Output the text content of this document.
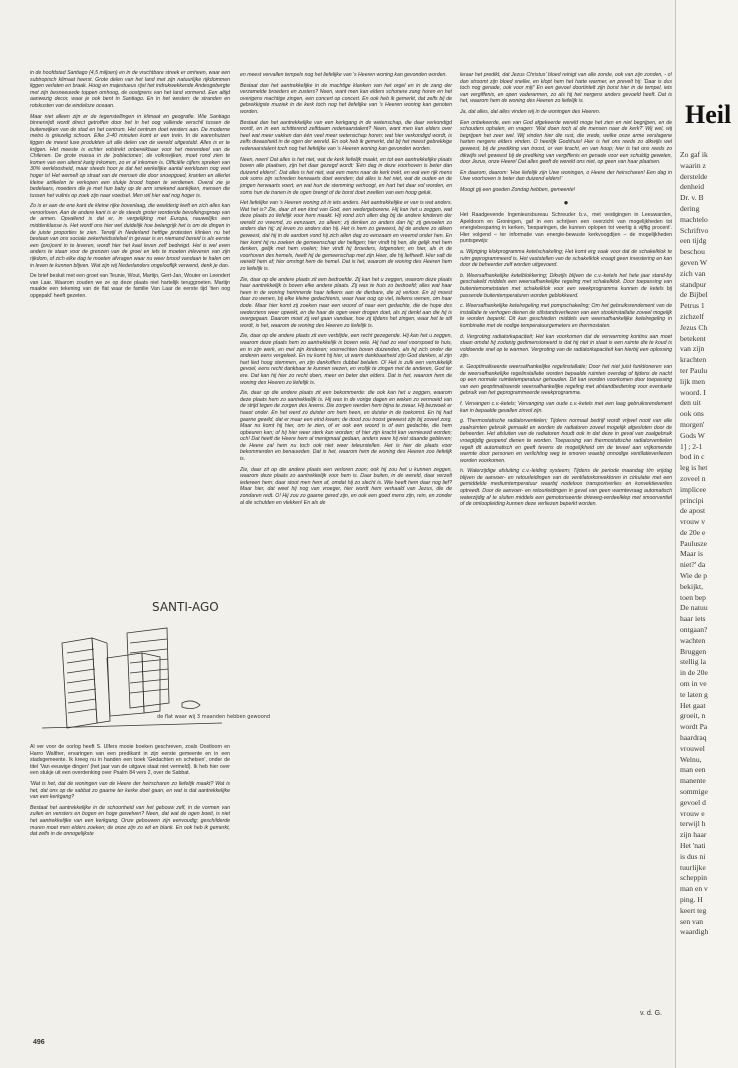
in de hoofdstad Santiago (4,5 miljoen) en in de vruchtbare streek er omheen, waar een subtropisch klimaat heerst. Grote delen van het land met zijn natuurlijke rijkdommen liggen verlaten en braak. Hoog en majestueus rijst het indrukwekkende Andesgebergte met zijn besneeuwde toppen omhoog, de oostgrens van het land vormend. Een altijd aanwezig decor, waar je ook bent in Santiago. En in het westen: de stranden en rotskusten van de eindeloze oceaan.

Maar niet alleen zijn er de tegenstellingen in klimaat en geografie. Wie Santiago binnenrijdt wordt direct getroffen door het in het oog vallende verschil tussen de buitenwijken van de stad en het centrum. Het centrum doet westers aan. De moderne metro is griezelig schoon. Elke 2-40 minuten komt er een trein. In de warenhuizen liggen de meest luxe produkten uit alle delen van de wereld uitgestald. Alles is er te krijgen. Het meeste is echter volstrekt onbereikbaar voor het merendeel van de Chilenen. De grote massa in de 'poblaciones', de volkswijken, moet rond zien te komen van een uiterst karig inkomen, zo er al inkomen is. Officiële cijfers spreken van 30% werkloosheid, maar steeds hoor je dat het werkelijke aantal werklozen nog veel hoger is! Het wemelt op straat van de mensen die door snoepgoed, kranten en allerlei kleine artikelen te verkopen een stukje brood hopen te verdienen. Overal zie je bedelaars, moeders die je met hun baby op de arm smekend aankijken, mensen die tussen het vuilnis op zoek zijn naar voedsel. Men wil hier wat nog hoger is.

Zo is er aan de ene kant de kleine rijke bovenlaag, die weelderig leeft en zich alles kan veroorloven. Aan de andere kant is er de steeds groter wordende bevolkingsgroep van de armen. Opvallend is dat er, in vergelijking met Europa, nauwelijks een middenklasse is. Het wordt ons hier wel duidelijk hoe belangrijk het is om de dingen in de juiste proporties te zien. Terwijl in Nederland heftige protesten klinken nu het bestaan van ons sociale zekerheidsstelsel in gevaar is en niemand bereid is als eerste een (pro)cent in te leveren, wordt hier het kaal leven zelf bedreigd. Het is wel even anders te staan voor de grenzen van de groei en iets te moeten inleveren van zijn rijkdom, of zich elke dag te moeten afvragen waar nu weer brood vandaan te halen om in leven te kunnen blijven. Wat zijn wij Nederlanders ongelooflijk verwend, denk je dan.

De brief besluit met een groet van Teunie, Wout, Martijn, Gert-Jan, Wouter en Leendert van Laar. Waarom zouden we ze op deze plaats niet hartelijk teruggroeten. Martijn maakte een tekening van de flat waar de familie Van Laar de eerste tijd 'tien oog opgepakt' heeft gezeten.

SANTI-AGO
de flat waar wij 3 maanden hebben gewoond

Al ver voor de oorlog heeft S. Ulfers mooie boeken geschreven, zoals Oostloorn en Harro Walther, ervaringen van een predikant in zijn eerste gemeente en in een stadsgemeente. Ik kreeg nu in handen een boek 'Gedachten en schetsen', onder de titel 'Van eeuwige dingen' (het jaar van de uitgave staat niet vermeld). Ik heb hier over een stukje uit een overdenking over Psalm 84 vers 2, over de Sabbat.

'Wat is het, dat de woningen van de Heere der heirscharen zo liefelijk maakt? Wat is het, dat ons op de sabbat zo gaarne ter kerke doet gaan, en wat is dat aantrekkelijke van een kerkgang?

Bestaat het aantrekkelijke in de schoonheid van het gebouw zelf, in de vormen van zuilen en vensters en bogen en hoge gewelven? Neen, dat wat de ogen boeit, is niet het aantrekkelijke van een kerkgang. Onze gebouwen zijn eenvoudig; geschilderde muren moet men elders zoeken; de onze zijn zo wit en blank. En ook heb ik gemerkt, dat zelfs in de onnogelijkste

en meest vervallen tempels nog het liefelijke van 's Heeren woning kan gevonden worden.

Bestaat dan het aantrekkelijke in de machtige klanken van het orgel en in de zang der verzamelde broeders en zusters? Neen, want men kan elders schonere zang horen en het overigens machtige zingen, een concert op concert. En ook heb ik gemerkt, dat zelfs bij de gebrekkigste muziek in de kerk toch nog het liefelijke van 's Heeren woning kan genoten worden.

Bestaat dan het aantrekkelijke van een kerkgang in de wetenschap, die daar verkondigd wordt, en in een schitterend zelfdaam redenaarstalent? Neen, want men kan elders over heel wat meer vakken dan één veel meer wetenschap horen; wat hier verkondigd wordt, is zelfs dwaasheid in de ogen der wereld. En ook heb ik gemerkt, dat bij het meest gebrekkige redenaarstalent toch nog het liefelijke van 's Heeren woning kan gevonden worden.

Neen, neen! Dat alles is het niet, wat de kerk liefelijk maakt, en tot een aantrekkelijke plaats boven alle plaatsen, zijn het daar gezegd wordt: 'Eén dag in deze voorhoven is beter dan duizend elders!'. Dat alles is het niet, wat een mens naar de kerk trekt, en wat een rijk mens ook soms zijn schreden herwaarts doet wenden; dat alles is het niet, wat de ouden en de jongen herwaarts voert, en wat hun de stemming verhoogt, en hart het daar vol worden, en soms hun de tranen in de ogen brengt of de borst doet zwellen van een hoog geluk.

Het liefelijke van 's Heeren woning zit in iets anders. Het aantrekkelijke er van is wat anders. Wat het is? Zie, daar zit een kind van God, een wedergeborene. Hij kan het u zeggen, wat deze plaats zo liefelijk voor hem maakt. Hij vond zich allen dag bij de andere kinderen der wereld zo vreemd, zo eenzaam, zo alleen; zij denken zo anders dan hij; zij gevoelen zo anders dan hij; zij leven zo anders dan hij. Het is hem zo geweest, bij de andere zo alleen geweest, dat hij in de aardom vond hij zich allen dag zo eenzaam en vreemd onder hen. En hier komt hij nu zoeken de gemeenschap der heiligen; hier vindt hij hen, die gelijk met hem denken, gelijk met hem voelen; hier vindt hij broeders, lotgenoten; en hier, als in de voorhoven des hemels, heeft hij de gemeenschap met zijn Heer, die hij liefheeft. Hier valt de wereld hem af; hier omringt hem de hemel. Dat is het, waarom de woning des Heeren hem zo liefelijk is.

Zie, daar op die andere plaats zit een bedroefde. Zij kan het u zeggen, waarom deze plaats haar aantrekkelijk is boven elke andere plaats. Zij was te huis zo bedroefd; alles wat haar heen in de woning herinnerde haar telkens aan de dierbare, die zij verloor. En zij moest daar zo wenen, bij elke kleine gedachtenis, waar haar oog op viel, telkens wenen, om haar dode. Maar hier komt zij zoeken naar een woord of naar een gedachte, die de hope des wederziens weer opwekt, en die haar de ogen weer drogen doet, als zij denkt aan die hij is overgegaan. Daarom moet zij wel gaan vandaar, hoe zij tijdens het zingen, waar het te stil wordt, is het, waarom de woning des Heeren zo liefelijk is.

Zie, daar op die andere plaats zit een verblijde, een recht gezegende. Hij kan het u zeggen, waarom deze plaats hem zo aantrekkelijk is boven vele. Hij had zo veel voorspoed te huis, en in zijn werk, en met zijn kinderen; voorrechten boven duizenden, als hij zich onder die anderen eens vergeleek. En nu komt hij hier, ut warm dankbaarheid zijn God danken, al zijn hart lied hoog stemmen, en zijn dankoffers dubbel betalen. O! Het is zulk een verrukkelijk gevoel, eens recht dankbaar te kunnen wezen, en vrolijk te zingen met de anderen, God ter ere. Dat kan hij hier zo recht doen, meer en beter dan elders. Dat is het, waarom hem de woning des Heeren zo liefelijk is.

Zie, daar op die andere plaats zit een bekommerde: die ook kan het u zeggen, waarom deze plaats hem zo aantrekkelijk is. Hij was in de vorige dagen en weken zo vermoeid van de strijd tegen de zorgen des levens. Die zorgen werden hem bijna te zwaar. Hij bezwoek er haast onder. En het werd zo duister om hem heen, en duister in de toekomst. En hij had gaarne gewild, dat er maar een eind kwam; de dood zou troost geweest zijn bij zoveel zorg. Maar nu komt hij hier, om te zien, of er ook een woord is of een gedachte, die hem opbeuren kan; of hij hier weer sterk kan worden; of hier zijn kracht kan vernieuwd worden; och! Dat heeft de Heere hem al menigmaal gedaan, anders ware hij niet staande gebleven; de Heere zal hem nu toch ook niet weer teleurstellen. Het is hier de plaats voor bekommerden en benauwden. Dat is het, waarom hem de woning des Heeren zoo liefelijk is.

Zie, daar zit op die andere plaats een verloren zoon; ook hij zou het u kunnen zeggen, waarom deze plaats zo aantrekkelijk voor hem is. Daar buiten, in de wereld, daar verzelt iedereen hem; daar stoot men hem af, omdat hij zo slecht is. Wie heeft hem daar nog lief? Maar hier, dat weet hij nog van vroeger, hier wordt hem verhaald van Jezus, die de zondaren redt. O! Hij zou zo gaarne gered zijn, en ook een goed mens zijn, rein, en zonder al die schulden en vlekken! En als de

leraar het predikt, dat Jezus Christus' bloed reinigt van alle zonde, ook van zijn zonden, - o! dan stroomt zijn bloed sneller, en klopt hem het harte warmer, en prevelt hij: 'Daar is dus toch nog genade, ook voor mij!' En een gevoel doortintelt zijn borst hier in de tempel, iets van vergiffenis, en open vaderarmen, zo als hij het nergens anders gevoeld heeft. Dat is het, waarom hem de woning des Heeren zo liefelijk is.

Ja, dat alles, dat alles vinden wij in de woningen des Heeren.

Een onbekeerde, een van God afgekeerde wereld moge het zien en niet begrijpen, en de schouders ophalen, en vragen: 'Wat doen toch al die mensen naar de kerk?' Wij wel, wij begrijpen het zeer wel. Wij vinden hier die rust, die vrede, welke onze arme verslagene harten nergens elders vinden. O heerlijk Godshuis! Hier is het ons reeds zo dikwijls wel geweest, bij de prediking van troost, or van kracht, en van hoop; hier is het ons reeds zo dikwijls wel geweest bij de prediking van vergiffenis en genade voor een schuldig geweten, door Jezus, onze Heere! Dat alles geeft de wereld ons niet, op geen van haar plaatsen.

En daarom, daarom: 'Hoe liefelijk zijn Uwe woningen, o Heere der heirscharen! Een dag in Uwe voorhoven is beter dan duizend elders!'

Moogt gij een goeden Zondag hebben, gemeente!

●

Het Raadgevende Ingenieursbureau Schreuder b.v., met vestigingen in Leeuwarden, Apeldoorn en Groningen, gaf in een schrijven een overzicht van mogelijkheden tot energiebesparing in kerken, 'besparingen, die kunnen oplopen tot veertig à vijftig procent'. Hier volgend – ter informatie van energie-bewuste kerkvoogdijen – de mogelijkheden puntsgewijs:

a. Wijziging klokprogramma ketelschakeling; Het komt erg vaak voor dat de schakelklok te ruim geprogrammeerd is. Het vaststellen van de schakelklok vraagt geen investering en kan door de beheerder zelf worden uitgevoerd.

b. Weersafhankelijke ketelblokkering; Dikwijls blijven de c.v.-ketels het hele jaar stand-by geschakeld middels een weersafhankelijke regeling met schakelklok. Door toepassing van buitentemometstaten met schakelklok voor een weekprogramma kunnen de ketels bij passende buitentemperaturen worden geblokkeerd.

c. Weersafhankelijke ketelregeling met pompschakeling; Om het gebruiksrendement van de installatie te verhogen dienen de stilstandsverliezen van een stookinstallatie zoveel mogelijk te worden beperkt. Dit kan geschieden middels een weersafhankelijke ketelregeling in kombinatie met de nodige temperatuurgemeters en thermostaten.

d. Vergroting radiatorkapaciteit; Het kan voorkomen dat de verwarming kontinu aan moet staan omdat hij zodanig gedimensioneerd is dat hij niet in staat is een ruimte die te koud is voldoende snel op te warmen. Vergroting van de radiatorkapaciteit kan hierbij een oplossing zijn.

e. Geoptimaliseerde weersafhankelijke regelinstallatie; Door het niet juist funktioneren van de weersafhankelijke regelinstallatie worden bepaalde ruimten overdag of tijdens de nacht op een normale ruimtetemperatuur gehouden. Dit kan worden voorkomen door toepassing van een geoptimaliseerde weersafhankelijke regeling met afstandbediening voor eventuele gebruik van het geprogrammeerde weekprogramma.

f. Vervangen c.v.-ketels; Vervanging van oude c.v.-ketels met een laag gebruiksrendement kan in bepaalde gevallen zinvol zijn.

g. Thermostatische radiatorventielen; Tijdens normaal bedrijf wordt vrijwel nooit van alle zaalruimten gebruik gemaakt en worden de radiatoren zoveel mogelijk afgesloten door de beheerder. Het afsluiten van de radiatoren houdt ook in dat deze in geval van zaalgebruik vroegtijdig geopend dienen te worden. Toepassing van thermostatische radiatorventielen regelt dit automatisch en geeft tevens de mogelijkheid om de teveel aan vrijkomende warmte door personen en verlichting weg te smoren waarbij onnodige ventilatieverliezen worden voorkomen.

h. Waterzijdige afsluiting c.v.-leiding systeem; Tijdens de periode maandag t/m vrijdag blijven de aanvoer- en retourleidingen van de ventilatorkonvektoren in cirkulatie met een gemiddelde mediumtemperatuur waarbij nodeloos transportverlies en konvektieverlies optreedt. Door de aanvoer- en retourleidingen in geval van geen warmtevraag automatisch waterzijdig af te sluiten middels een gemotoriseerde drieweg-verdeelklep met smoorventiel of de omloopleiding kunnen deze verliezen beperkt worden.

v. d. G.
496
Heil
Zo gaf ik
waarin z
derstelde
denheid
Dr. v. B
dering
machtelo
Schriftvo
een tijdg
beschou
geven W
zich van
standpur
de Bijbel
Petrus 1
zichzelf
Jezus Ch
betekent
van zijn
krachten
ter Paulu
lijk men
woord. I
den uit
ook ons
morgen'
Gods W
1] ; 2-1
bod in c
leg is het
zoveel n
implicee
principi
de apost
vrouw v
de 20e e
Paulusze
Maar is
niet?' da
Wie de p
bekijkt,
toen bep
De natuu
haar iets
ontgaan?
wachten
Bruggen
stellig la
in de 20e
om in ve
te laten g
Het gaat
groeit, n
wordt Pa
haardraq
vrouwel
Welnu,
man een
manente
sommige
gevoel d
vrouw e
terwijl h
zijn haar
Het 'nati
is dus ni
tuurlijke
scheppin
man en v
ping. H
keert teg
sen van
waardigh
